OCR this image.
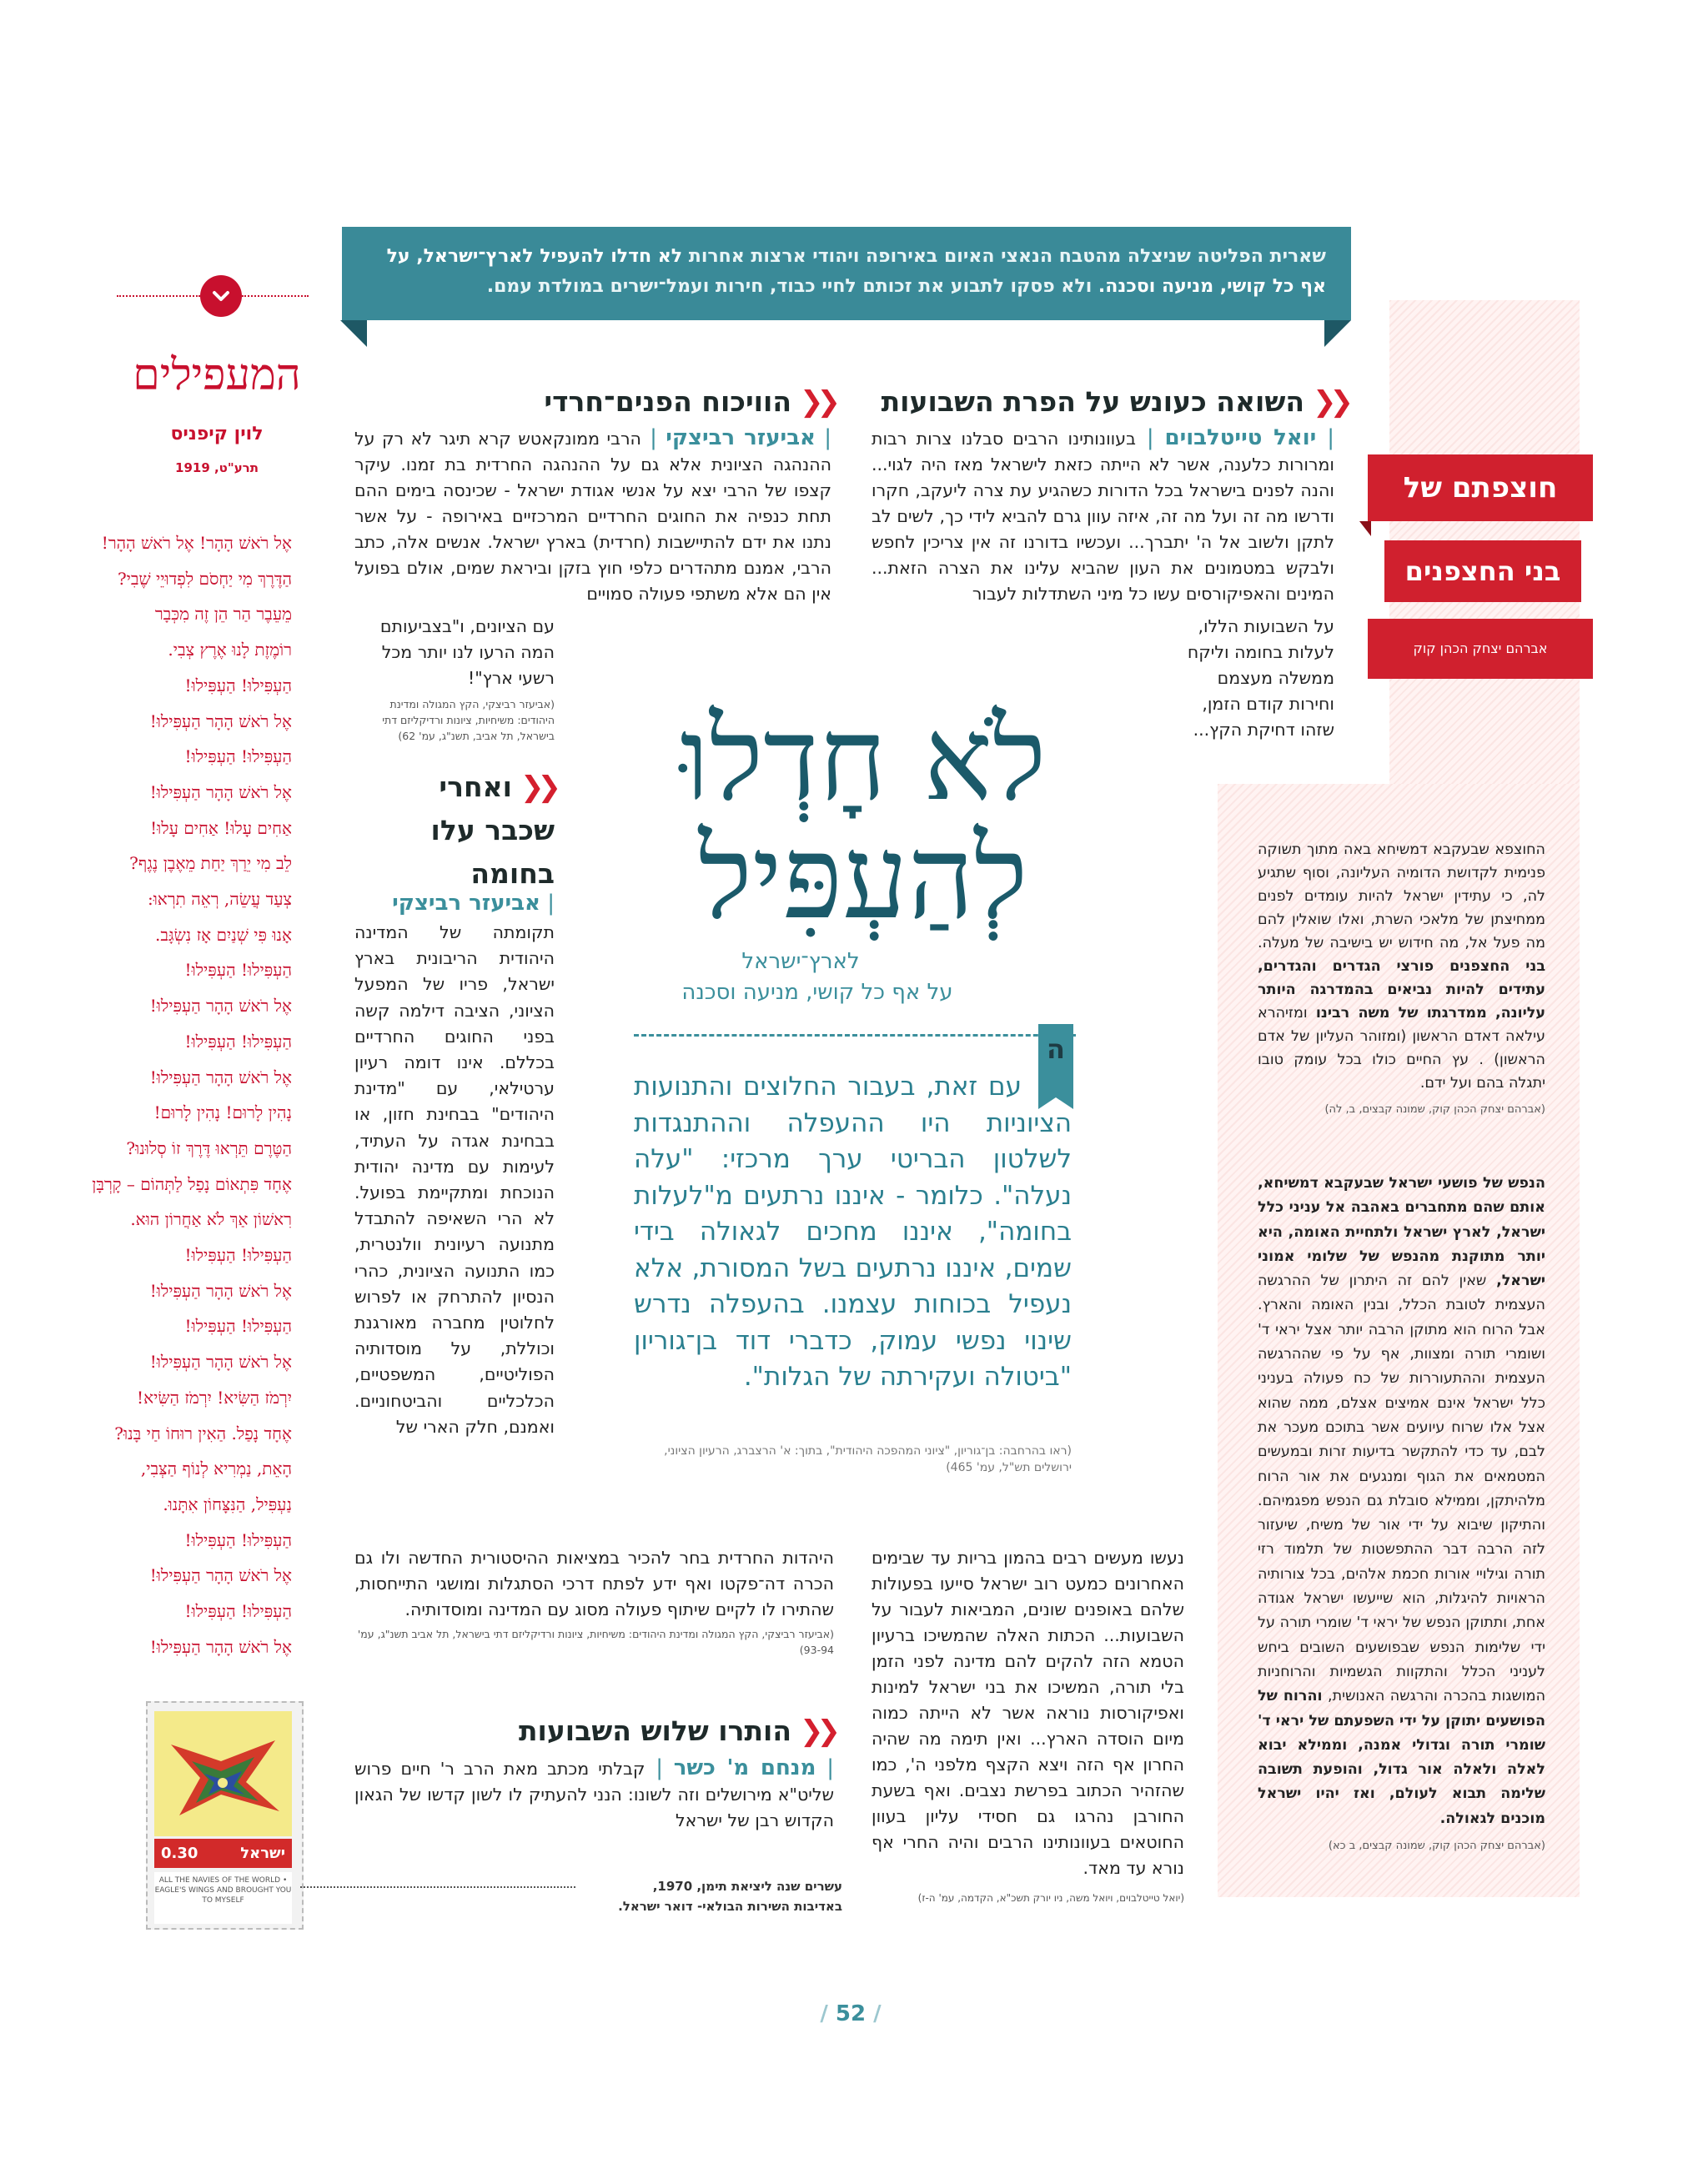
שארית הפליטה שניצלה מהטבח הנאצי האיום באירופה ויהודי ארצות אחרות לא חדלו להעפיל לארץ־ישראל, על
אף כל קושי, מניעה וסכנה. ולא פסקו לתבוע את זכותם לחיי כבוד, חירות ועמל־ישרים במולדת עמם.
חוצפתם של
בני החצפנים
אברהם יצחק הכהן קוק

החוצפא שבעקבא דמשיחא באה מתוך תשוקה פנימית לקדושת הדומיה העליונה, וסוף שתגיע לה, כי עתידין ישראל להיות עומדים לפנים ממחיצתן של מלאכי השרת, ואלו שואלין להם מה פעל אל, מה חידוש יש בישיבה של מעלה. בני החצפנים פורצי הגדרים והגדרים, עתידים להיות נביאים בהמדרגה היותר עליונה, ממדרגתו של משה רבינו ומזיהרא עילאה דאדם הראשון (ומזוהר העליון של אדם הראשון) . עץ החיים כולו בכל עומק טובו יתגלה בהם ועל ידם.

(אברהם יצחק הכהן קוק, שמונה קבצים, ב, לה)

הנפש של פושעי ישראל שבעקבא דמשיחא, אותם שהם מתחברים באהבה אל עניני כלל ישראל, לארץ ישראל ולתחיית האומה, היא יותר מתוקנת מהנפש של שלומי אמוני ישראל, שאין להם זה היתרון של ההרגשה העצמית לטובת הכלל, ובנין האומה והארץ. אבל הרוח הוא מתוקן הרבה יותר אצל יראי ד' ושומרי תורה ומצוות, אף על פי שההרגשה העצמית וההתעוררות של כח פעולה בעניני כלל ישראל אינם אמיצים אצלם, ממה שהוא אצל אלו שרוח עיועים אשר בתוכם מעכר את לבם, עד כדי להתקשר בדיעות זרות ובמעשים המטמאים את הגוף ומנגעים את אור הרוח מלהיתקן, וממילא סובלת גם הנפש מפגמיהם. והתיקון שיבוא על ידי אור של משיח, שיעזור לזה הרבה דבר ההתפשטות של תלמוד רזי תורה וגילויי אורות חכמת אלהים, בכל צורותיה הראויות להיגלות, הוא שייעשו ישראל אגודה אחת, ותתוקן הנפש של יראי ד' שומרי תורה על ידי שלימות הנפש שבפושעים השובים ביחש לעניני הכלל והתקוות הגשמיות והרוחניות המושגות בהכרה והרגשה האנושית, והרוח של הפושעים יתוקן על ידי השפעתם של יראי ד' שומרי תורה וגדולי אמנה, וממילא יבוא לאלה ולאלה אור גדול, והופעת תשובה שלימה תבוא לעולם, ואז יהיו ישראל מוכנים לגאולה.

(אברהם יצחק הכהן קוק, שמונה קבצים, ב כא)

❮❮השואה כעונש על הפרת השבועות

| יואל טייטלבוים | בעוונותינו הרבים סבלנו צרות רבות ומרורות כלענה, אשר לא הייתה כזאת לישראל מאז היה לגוי... והנה לפנים בישראל בכל הדורות כשהגיע עת צרה ליעקב, חקרו ודרשו מה זה ועל מה זה, איזה עוון גרם להביא לידי כך, לשים לב לתקן ולשוב אל ה' יתברך... ועכשיו בדורנו זה אין צריכין לחפש ולבקש במטמונים את העון שהביא עלינו את הצרה הזאת... המינים והאפיקורסים עשו כל מיני השתדלות לעבור

על השבועות הללו,
לעלות בחומה וליקח
ממשלה מעצמם
וחירות קודם הזמן,
שזהו דחיקת הקץ...

נעשו מעשים רבים בהמון בריות עד שבימים האחרונים כמעט רוב ישראל סייעו בפעולות שלהם באופנים שונים, המביאות לעבור על השבועות... הכתות האלה שהמשיכו ברעיון הטמא הזה להקים להם מדינה לפני הזמן בלי תורה, המשיכו את בני ישראל למינות ואפיקורסות נוראה אשר לא הייתה כמוה מיום הוסדה הארץ... ואין תימה מה שהיה החרון אף הזה ויצא הקצף מלפני ה', כמו שהזהיר הכתוב בפרשת נצבים. ואף בשעת החורבן נהרגו גם חסידי עליון בעוון החוטאים בעוונותינו הרבים והיה החרי אף נורא עד מאד.

(יואל טייטלבוים, ויואל משה, ניו יורק תשכ"א, הקדמה, עמ' ה-ז)

❮❮הוויכוח הפנים־חרדי

| אביעזר רביצקי | הרבי ממונקאטש קרא תיגר לא רק על ההנהגה הציונית אלא גם על ההנהגה החרדית בת זמנו. עיקר קצפו של הרבי יצא על אנשי אגודת ישראל - שכינסה בימים ההם תחת כנפיה את החוגים החרדיים המרכזיים באירופה - על אשר נתנו את ידם להתיישבות (חרדית) בארץ ישראל. אנשים אלה, כתב הרבי, אמנם מתהדרים כלפי חוץ בזקן וביראת שמים, אולם בפועל אין הם אלא משתפי פעולה סמויים

עם הציונים, ו"בצביעותם
המה הרעו לנו יותר מכל
רשעי ארץ"!

(אביעזר רביצקי, הקץ המגולה ומדינת היהודים: משיחיות, ציונות ורדיקליזם דתי בישראל, תל אביב, תשנ"ג, עמ' 62)

❮❮ואחרי
שכבר עלו
בחומה

| אביעזר רביצקי

תקומתה של המדינה היהודית הריבונית בארץ ישראל, פריו של המפעל הציוני, הציבה דילמה קשה בפני החוגים החרדיים בכללם. אינו דומה רעיון ערטילאי, עם "מדינת היהודים" בבחינת חזון, או בבחינת אגדה על העתיד, לעימות עם מדינה יהודית הנוכחת ומתקיימת בפועל. לא הרי השאיפה להתבדל מתנועה רעיונית וולנטרית, כמו התנועה הציונית, כהרי הנסיון להתרחק או לפרוש לחלוטין מחברה מאורגנת וכוללת, על מוסדותיה הפוליטיים, המשפטיים, הכלכליים והביטחוניים. ואמנם, חלק הארי של

היהדות החרדית בחר להכיר במציאות ההיסטורית החדשה ולו גם הכרה דה־פקטו ואף ידע לפתח דרכי הסתגלות ומושגי התייחסות, שהתירו לו לקיים שיתוף פעולה מסוג עם המדינה ומוסדותיה.

(אביעזר רביצקי, הקץ המגולה ומדינת היהודים: משיחיות, ציונות ורדיקליזם דתי בישראל, תל אביב תשנ"ג, עמ' 93-94)

❮❮הותרו שלוש השבועות

| מנחם מ' כשר | קבלתי מכתב מאת הרב ר' חיים פרוש שליט"א מירושלים וזה לשונו: הנני להעתיק לו לשון קדשו של הגאון הקדוש רבן של ישראל

לֹא חָדְלוּ
לְהַעְפִּיל
לארץ־ישראל
על אף כל קושי, מניעה וסכנה
ה
עם זאת, בעבור החלוצים והתנועות הציוניות היו ההעפלה וההתנגדות לשלטון הבריטי ערך מרכזי: "עלה נעלה". כלומר - איננו נרתעים מ"לעלות בחומה", איננו מחכים לגאולה בידי שמים, איננו נרתעים בשל המסורת, אלא נעפיל בכוחות עצמנו. בהעפלה נדרש שינוי נפשי עמוק, כדברי דוד בן־גוריון "ביטולה ועקירתה של הגלות".
(ראו בהרחבה: בן־גוריון, "ציוני המהפכה היהודית", בתוך: א' הרצברג, הרעיון הציוני, ירושלים תש"ל, עמ' 465)
המעפילים
לוין קיפניס
תרע"ט, 1919
אֶל רֹאשׁ הָהָר! אֶל רֹאשׁ הָהָר!
הַדֶּרֶךְ מִי יַחְסֹם לִפְדוּיֵי שֶׁבִי?
מֵעֵבֶר הַר הֵן זֶה מִכְּבָר
רוֹמֶזֶת לָנוּ אֶרֶץ צְבִי.
הַעְפִּילוּ! הַעְפִּילוּ!
אֶל רֹאשׁ הָהָר הַעְפִּילוּ!
הַעְפִּילוּ! הַעְפִּילוּ!
אֶל רֹאשׁ הָהָר הַעְפִּילוּ!
אַחִים עָלוּ! אַחִים עָלוּ!
לֵב מִי יֵרַךְ יַחַת מֵאֶבֶן נֶגֶף?
צְעַד עֲשֵׂה, רְאֵה תִרְאוּ:
אָנוּ פִּי שְׁנַיִם אָז נִשְׂגָּב.
הַעְפִּילוּ! הַעְפִּילוּ!
אֶל רֹאשׁ הָהָר הַעְפִּילוּ!
הַעְפִּילוּ! הַעְפִּילוּ!
אֶל רֹאשׁ הָהָר הַעְפִּילוּ!
נָהִין לָרוּם! נָהִין לָרוּם!
הַטֶּרֶם תֵּרְאוּ דֶּרֶךְ זוֹ סְלוּנוּ?
אֶחָד פִּתְאוֹם נָפַל לַתְּהוֹם – קָרְבָּן
רִאשׁוֹן אַךְ לֹא אַחֲרוֹן הוּא.
הַעְפִּילוּ! הַעְפִּילוּ!
אֶל רֹאשׁ הָהָר הַעְפִּילוּ!
הַעְפִּילוּ! הַעְפִּילוּ!
אֶל רֹאשׁ הָהָר הַעְפִּילוּ!
יִרְמֹז הַשִּׂיא! יִרְמֹז הַשִּׂיא!
אֶחָד נָפַל. הַאִין רוּחוֹ חַי בָּנוּ?
הָאֵת, נַמְרִיא לְנוֹף הַצְּבִי,
נַעְפִּיל, הַנִּצָּחוֹן אִתָּנוּ.
הַעְפִּילוּ! הַעְפִּילוּ!
אֶל רֹאשׁ הָהָר הַעְפִּילוּ!
הַעְפִּילוּ! הַעְפִּילוּ!
אֶל רֹאשׁ הָהָר הַעְפִּילוּ!
ישראל
0.30
ALL THE NAVIES OF THE WORLD • EAGLE'S WINGS AND BROUGHT YOU TO MYSELF
עשרים שנה ליציאת תימן, 1970,
באדיבות השירות הבולאי- דואר ישראל.
/ 52 /
